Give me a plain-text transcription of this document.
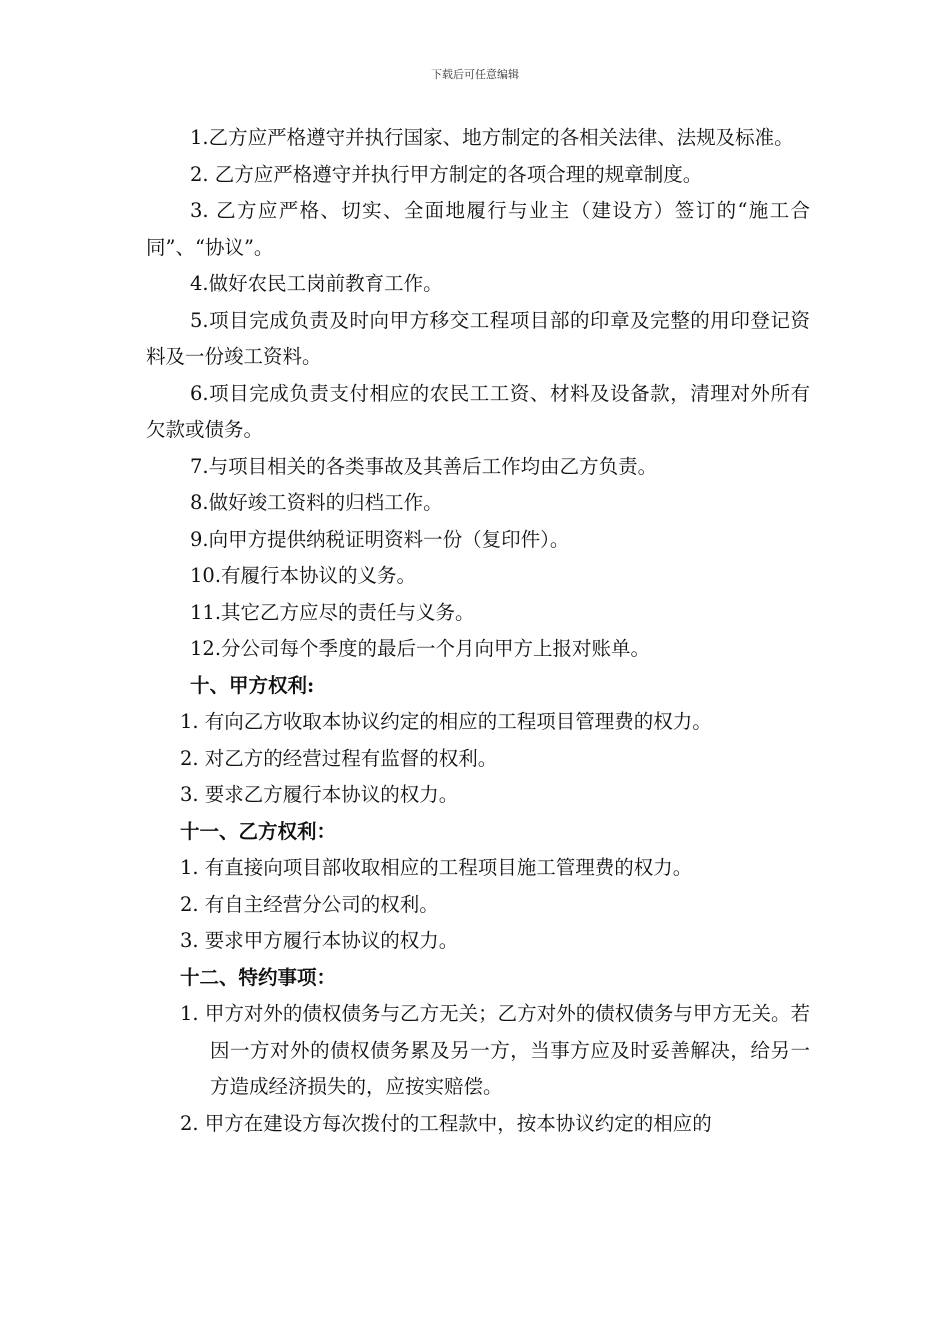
下载后可任意编辑

1.乙方应严格遵守并执行国家、地方制定的各相关法律、法规及标准。

2. 乙方应严格遵守并执行甲方制定的各项合理的规章制度。

3. 乙方应严格、切实、全面地履行与业主（建设方）签订的“施工合同”、“协议”。

4.做好农民工岗前教育工作。

5.项目完成负责及时向甲方移交工程项目部的印章及完整的用印登记资料及一份竣工资料。

6.项目完成负责支付相应的农民工工资、材料及设备款，清理对外所有欠款或债务。

7.与项目相关的各类事故及其善后工作均由乙方负责。

8.做好竣工资料的归档工作。

9.向甲方提供纳税证明资料一份（复印件）。

10.有履行本协议的义务。

11.其它乙方应尽的责任与义务。

12.分公司每个季度的最后一个月向甲方上报对账单。

十、甲方权利:

1. 有向乙方收取本协议约定的相应的工程项目管理费的权力。

2. 对乙方的经营过程有监督的权利。

3. 要求乙方履行本协议的权力。

十一、乙方权利：

1. 有直接向项目部收取相应的工程项目施工管理费的权力。

2. 有自主经营分公司的权利。

3. 要求甲方履行本协议的权力。

十二、特约事项：

1. 甲方对外的债权债务与乙方无关；乙方对外的债权债务与甲方无关。若因一方对外的债权债务累及另一方，当事方应及时妥善解决，给另一方造成经济损失的，应按实赔偿。

2. 甲方在建设方每次拨付的工程款中，按本协议约定的相应的
